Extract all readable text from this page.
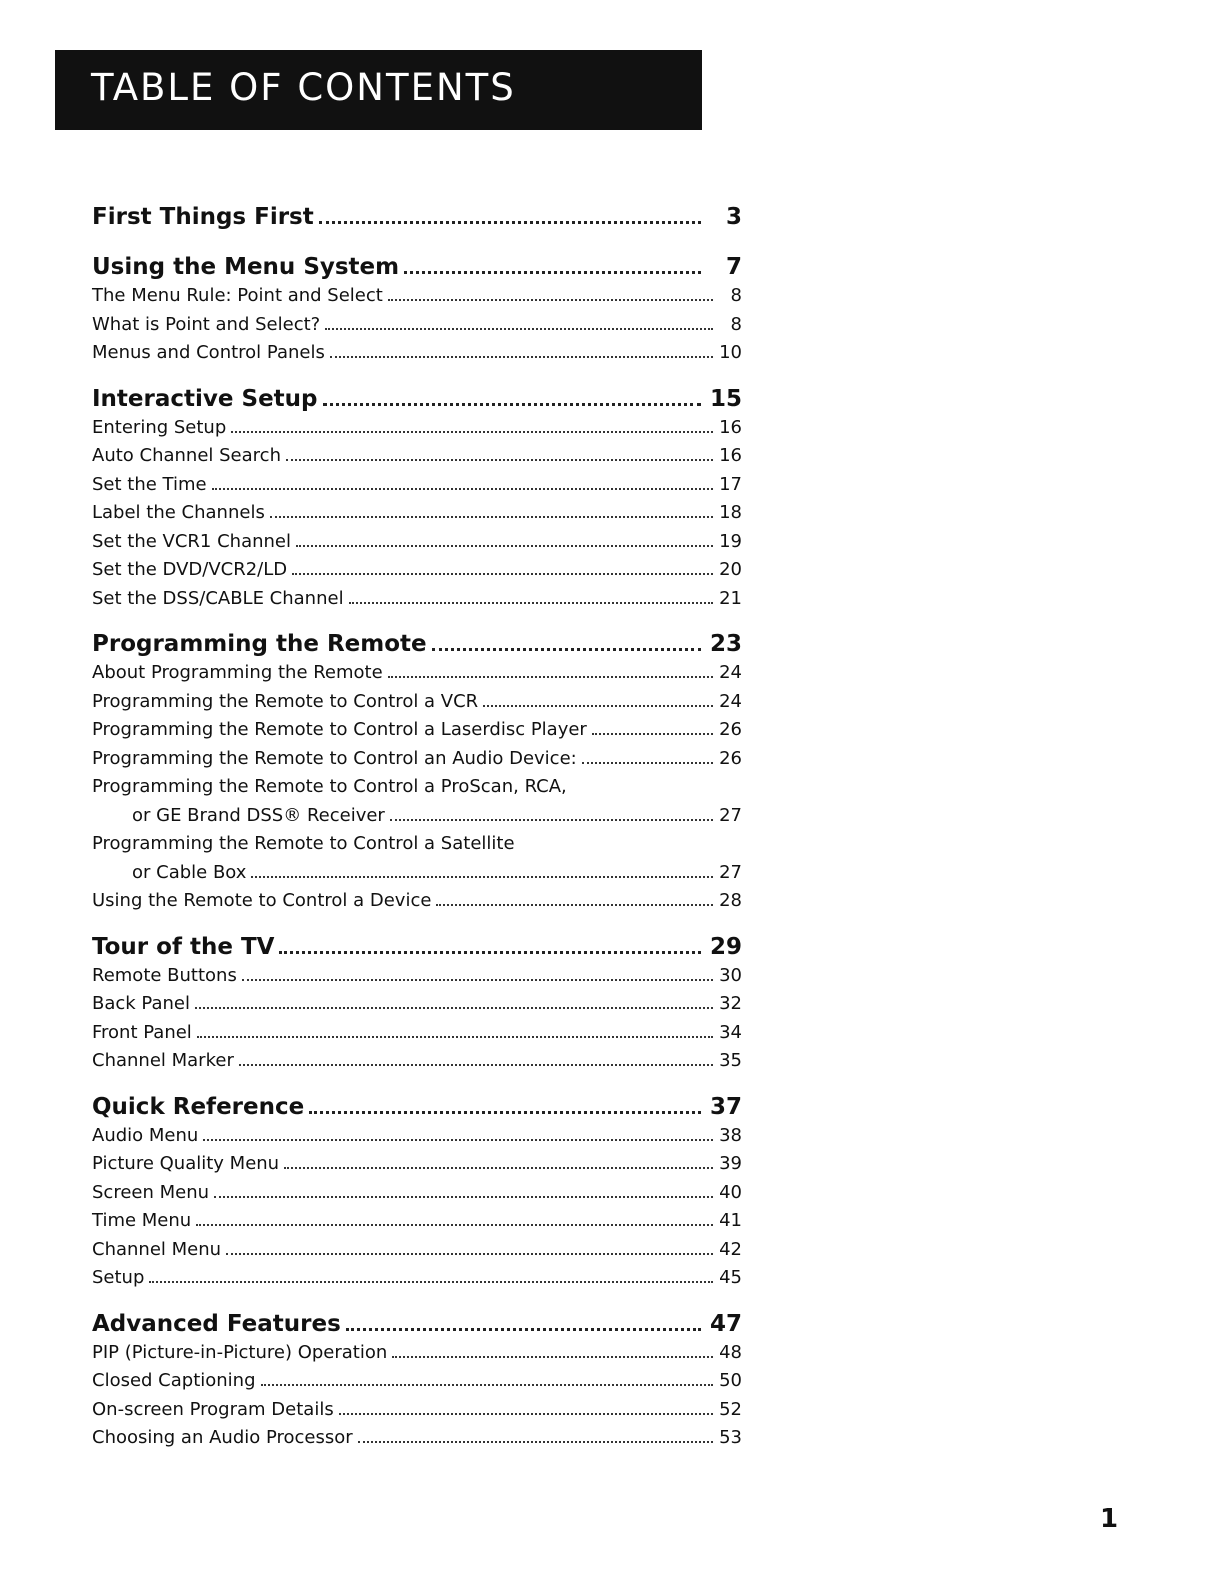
TABLE OF CONTENTS
First Things First	3
Using the Menu System	7
The Menu Rule: Point and Select	8
What is Point and Select?	8
Menus and Control Panels	10
Interactive Setup	15
Entering Setup	16
Auto Channel Search	16
Set the Time	17
Label the Channels	18
Set the VCR1 Channel	19
Set the DVD/VCR2/LD	20
Set the DSS/CABLE Channel	21
Programming the Remote	23
About Programming the Remote	24
Programming the Remote to Control a VCR	24
Programming the Remote to Control a Laserdisc Player	26
Programming the Remote to Control an Audio Device:	26
Programming the Remote to Control a ProScan, RCA,
or GE Brand DSS® Receiver	27
Programming the Remote to Control a Satellite
or Cable Box	27
Using the Remote to Control a Device	28
Tour of the TV	29
Remote Buttons	30
Back Panel	32
Front Panel	34
Channel Marker	35
Quick Reference	37
Audio Menu	38
Picture Quality Menu	39
Screen Menu	40
Time Menu	41
Channel Menu	42
Setup	45
Advanced Features	47
PIP (Picture-in-Picture) Operation	48
Closed Captioning	50
On-screen Program Details	52
Choosing an Audio Processor	53
1
